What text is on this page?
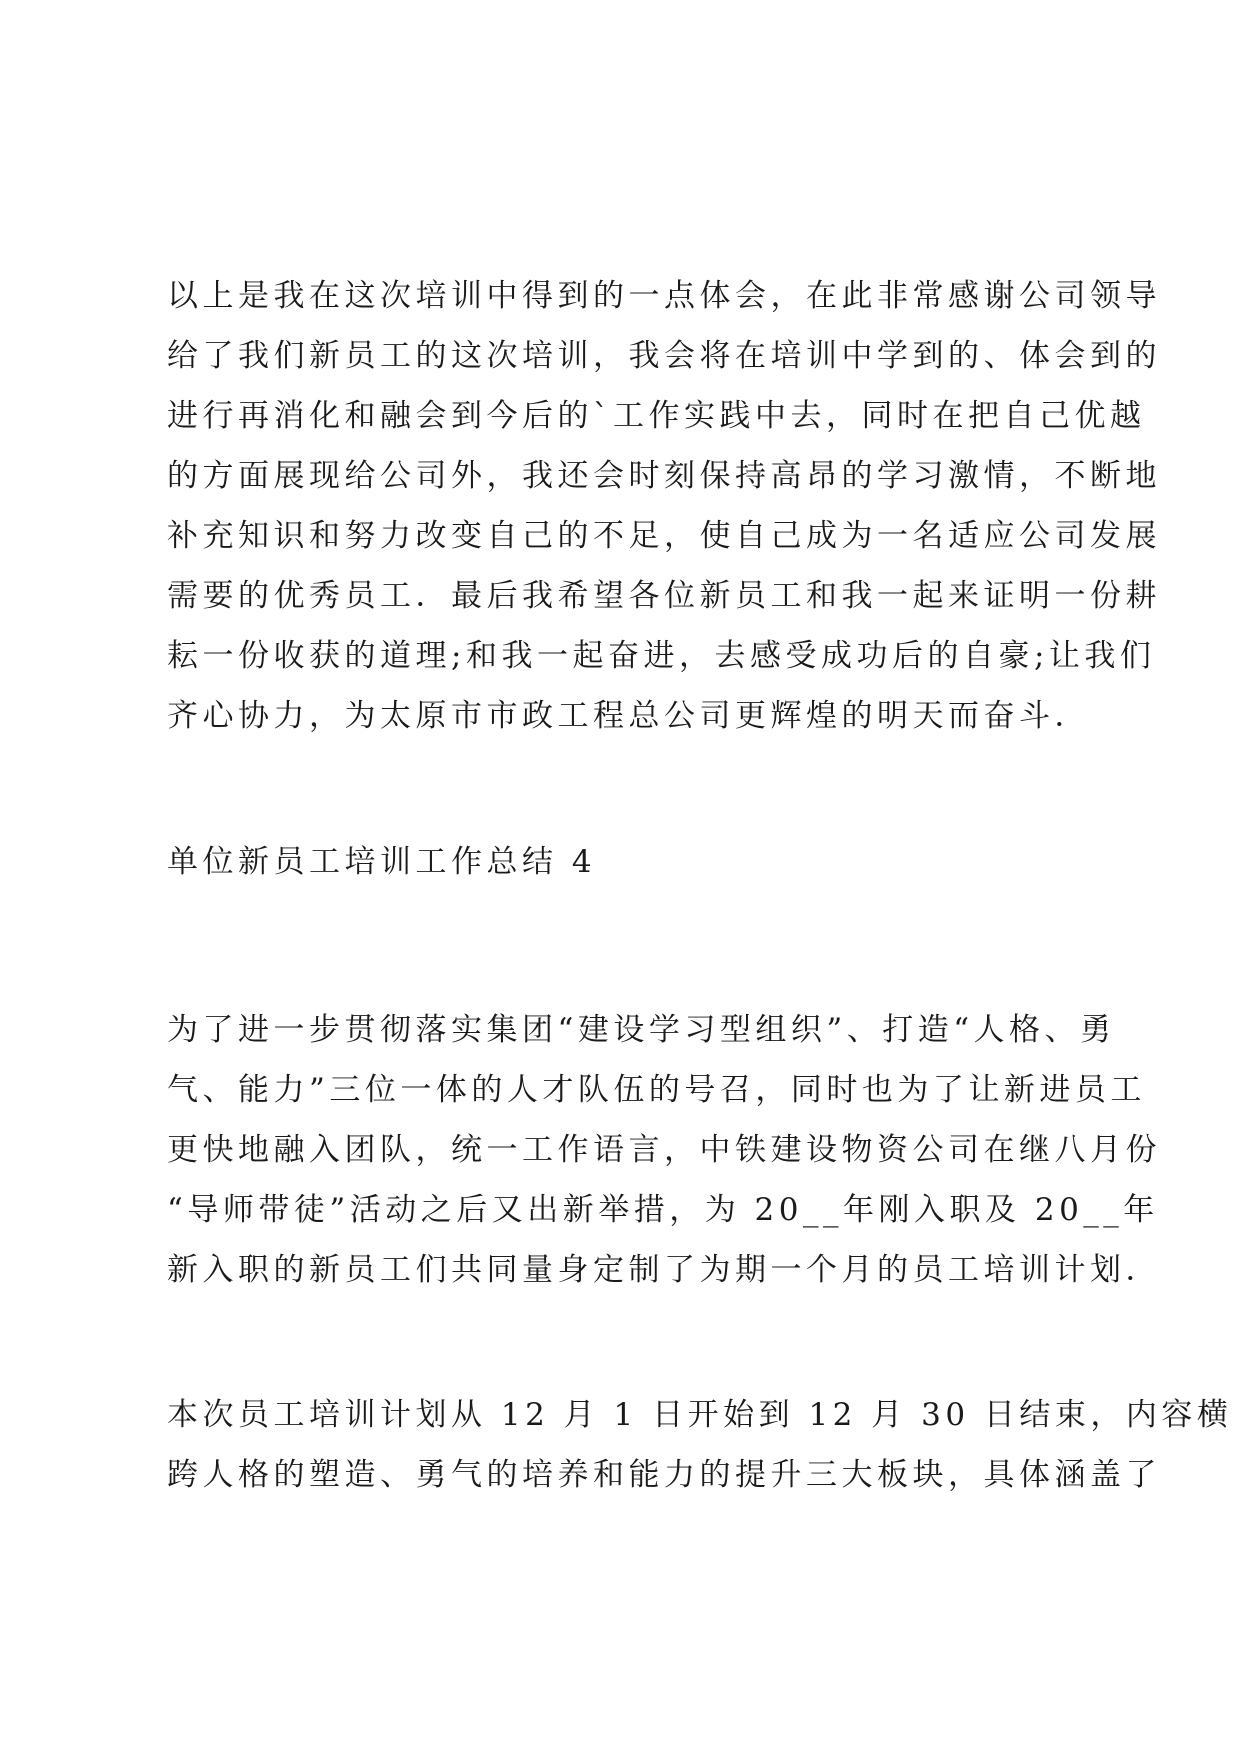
以上是我在这次培训中得到的一点体会，在此非常感谢公司领导
给了我们新员工的这次培训，我会将在培训中学到的、体会到的
进行再消化和融会到今后的`工作实践中去，同时在把自己优越
的方面展现给公司外，我还会时刻保持高昂的学习激情，不断地
补充知识和努力改变自己的不足，使自己成为一名适应公司发展
需要的优秀员工．最后我希望各位新员工和我一起来证明一份耕
耘一份收获的道理;和我一起奋进，去感受成功后的自豪;让我们
齐心协力，为太原市市政工程总公司更辉煌的明天而奋斗．
单位新员工培训工作总结 4
为了进一步贯彻落实集团“建设学习型组织”、打造“人格、勇
气、能力”三位一体的人才队伍的号召，同时也为了让新进员工
更快地融入团队，统一工作语言，中铁建设物资公司在继八月份
“导师带徒”活动之后又出新举措，为 20__年刚入职及 20__年
新入职的新员工们共同量身定制了为期一个月的员工培训计划．
本次员工培训计划从 12 月 1 日开始到 12 月 30 日结束，内容横
跨人格的塑造、勇气的培养和能力的提升三大板块，具体涵盖了
